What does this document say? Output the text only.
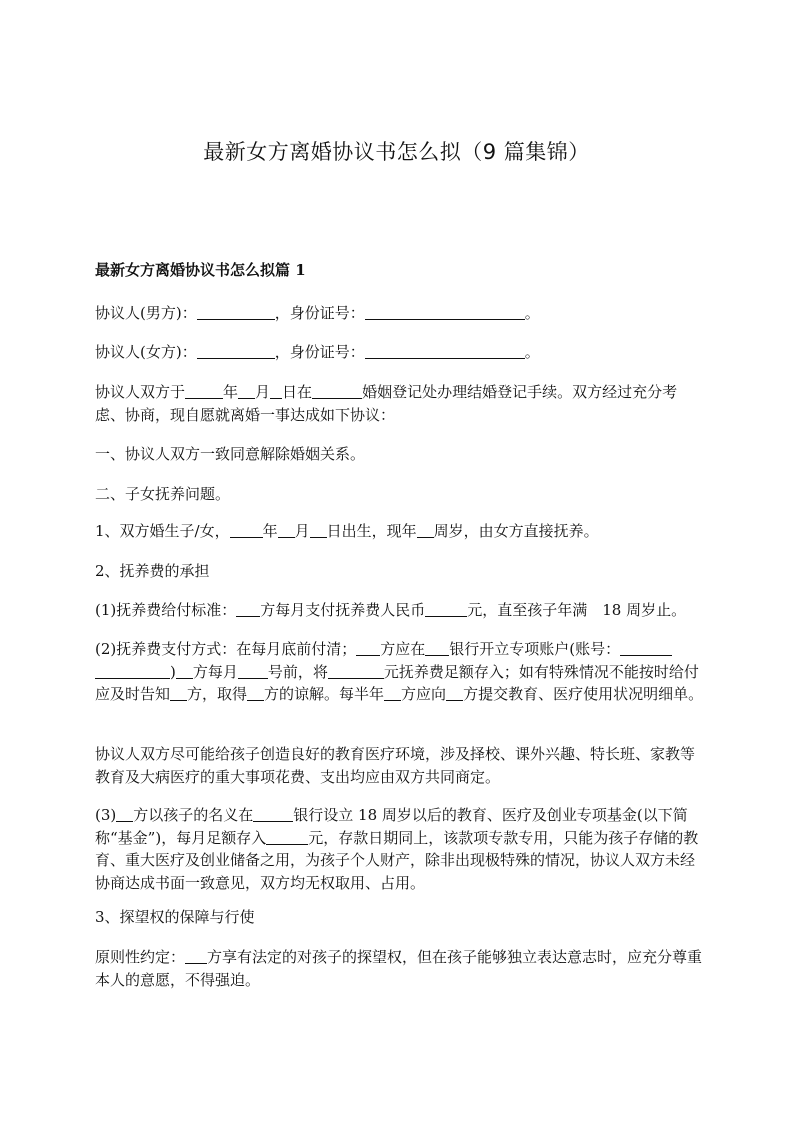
最新女方离婚协议书怎么拟（9 篇集锦）
最新女方离婚协议书怎么拟篇 1

协议人(男方)：	，身份证号：	。

协议人(女方)：	，身份证号：	。

协议人双方于	年 月 日在	婚姻登记处办理结婚登记手续。双方经过充分考虑、协商，现自愿就离婚一事达成如下协议：

一、协议人双方一致同意解除婚姻关系。

二、子女抚养问题。

1、双方婚生子/女， 年 月 日出生，现年 周岁，由女方直接抚养。

2、抚养费的承担

(1)抚养费给付标准： 方每月支付抚养费人民币	元，直至孩子年满　18 周岁止。

(2)抚养费支付方式：在每月底前付清； 方应在 银行开立专项账户(账号：) 方每月 号前，将	元抚养费足额存入；如有特殊情况不能按时给付应及时告知 方，取得 方的谅解。每半年 方应向 方提交教育、医疗使用状况明细单。

协议人双方尽可能给孩子创造良好的教育医疗环境，涉及择校、课外兴趣、特长班、家教等教育及大病医疗的重大事项花费、支出均应由双方共同商定。

(3) 方以孩子的名义在	银行设立 18 周岁以后的教育、医疗及创业专项基金(以下简称“基金”)，每月足额存入	元，存款日期同上，该款项专款专用，只能为孩子存储的教育、重大医疗及创业储备之用，为孩子个人财产，除非出现极特殊的情况，协议人双方未经协商达成书面一致意见，双方均无权取用、占用。

3、探望权的保障与行使

原则性约定： 方享有法定的对孩子的探望权，但在孩子能够独立表达意志时，应充分尊重本人的意愿，不得强迫。
